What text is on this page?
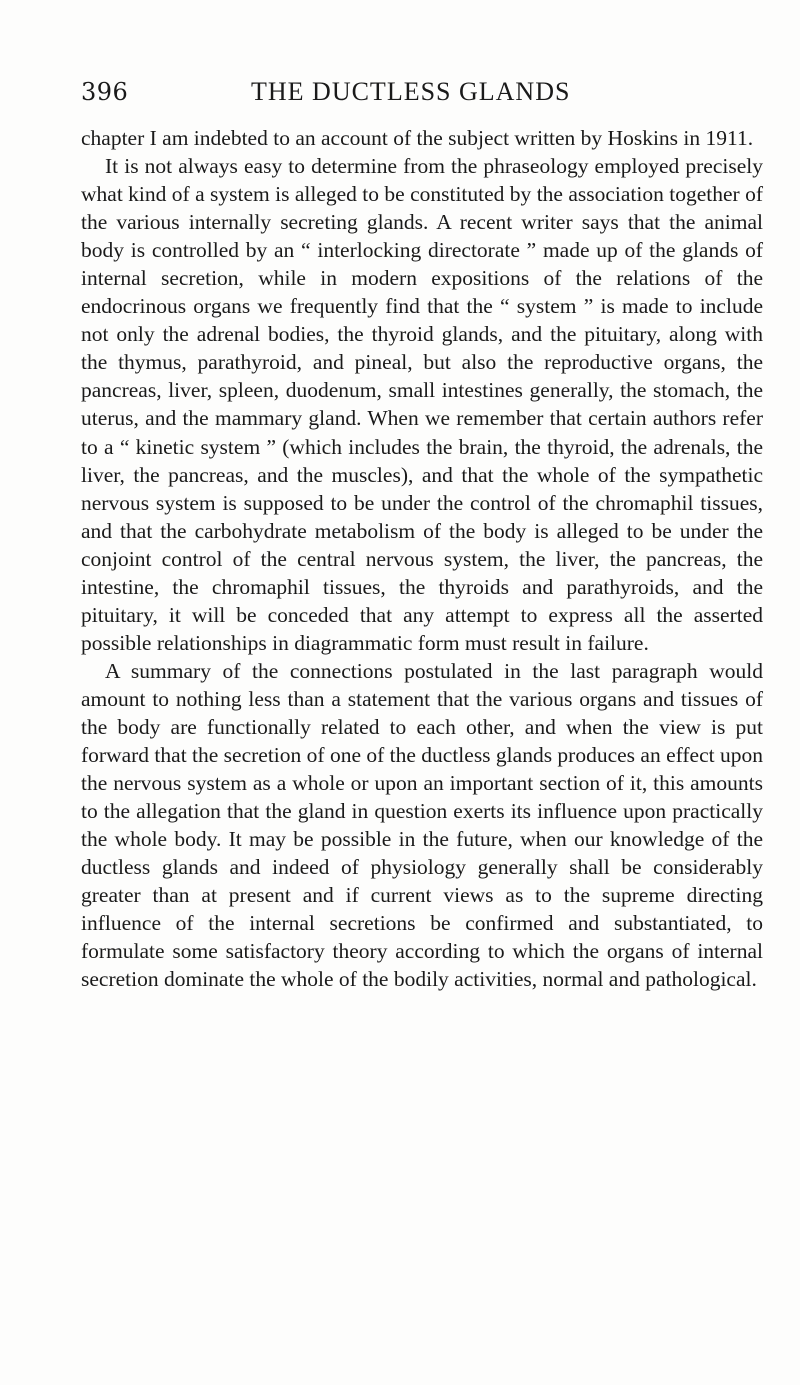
396	THE DUCTLESS GLANDS

chapter I am indebted to an account of the subject written by Hoskins in 1911.

It is not always easy to determine from the phraseology employed precisely what kind of a system is alleged to be constituted by the association together of the various internally secreting glands. A recent writer says that the animal body is controlled by an “ interlocking directorate ” made up of the glands of internal secretion, while in modern expositions of the relations of the endocrinous organs we frequently find that the “ system ” is made to include not only the adrenal bodies, the thyroid glands, and the pituitary, along with the thymus, parathyroid, and pineal, but also the reproductive organs, the pancreas, liver, spleen, duodenum, small intestines generally, the stomach, the uterus, and the mammary gland. When we remember that certain authors refer to a “ kinetic system ” (which includes the brain, the thyroid, the adrenals, the liver, the pancreas, and the muscles), and that the whole of the sympathetic nervous system is supposed to be under the control of the chromaphil tissues, and that the carbohydrate metabolism of the body is alleged to be under the conjoint control of the central nervous system, the liver, the pancreas, the intestine, the chromaphil tissues, the thyroids and parathyroids, and the pituitary, it will be conceded that any attempt to express all the asserted possible relationships in diagrammatic form must result in failure.

A summary of the connections postulated in the last paragraph would amount to nothing less than a statement that the various organs and tissues of the body are functionally related to each other, and when the view is put forward that the secretion of one of the ductless glands produces an effect upon the nervous system as a whole or upon an important section of it, this amounts to the allegation that the gland in question exerts its influence upon practically the whole body. It may be possible in the future, when our knowledge of the ductless glands and indeed of physiology generally shall be considerably greater than at present and if current views as to the supreme directing influence of the internal secretions be confirmed and substantiated, to formulate some satisfactory theory according to which the organs of internal secretion dominate the whole of the bodily activities, normal and pathological.
